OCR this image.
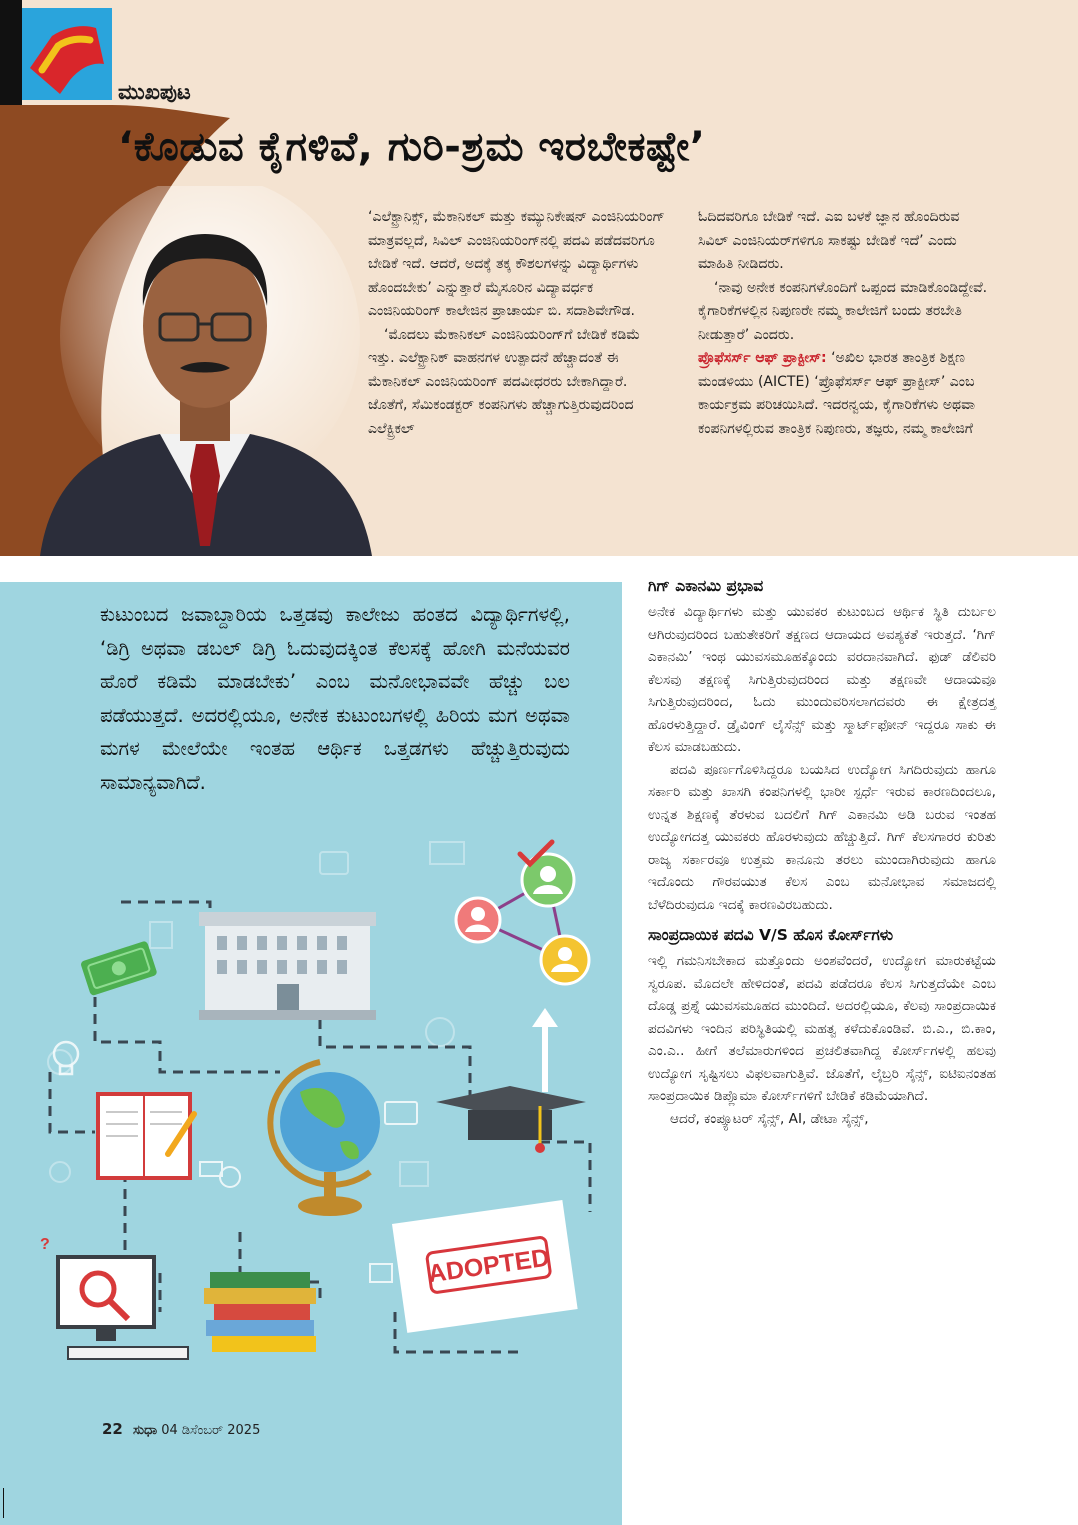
ಮುಖಪುಟ
‘ಕೊಡುವ ಕೈಗಳಿವೆ, ಗುರಿ-ಶ್ರಮ ಇರಬೇಕಷ್ಟೇ’

‘ಎಲೆಕ್ಟ್ರಾನಿಕ್ಸ್, ಮೆಕಾನಿಕಲ್ ಮತ್ತು ಕಮ್ಯುನಿಕೇಷನ್ ಎಂಜಿನಿಯರಿಂಗ್ ಮಾತ್ರವಲ್ಲದೆ, ಸಿವಿಲ್ ಎಂಜಿನಿಯರಿಂಗ್‌ನಲ್ಲಿ ಪದವಿ ಪಡೆದವರಿಗೂ ಬೇಡಿಕೆ ಇದೆ. ಆದರೆ, ಅದಕ್ಕೆ ತಕ್ಕ ಕೌಶಲಗಳನ್ನು ವಿದ್ಯಾರ್ಥಿಗಳು ಹೊಂದಬೇಕು’ ಎನ್ನುತ್ತಾರೆ ಮೈಸೂರಿನ ವಿದ್ಯಾವರ್ಧಕ ಎಂಜಿನಿಯರಿಂಗ್ ಕಾಲೇಜಿನ ಪ್ರಾಚಾರ್ಯ ಬಿ. ಸದಾಶಿವೇಗೌಡ.

‘ಮೊದಲು ಮೆಕಾನಿಕಲ್ ಎಂಜಿನಿಯರಿಂಗ್‌ಗೆ ಬೇಡಿಕೆ ಕಡಿಮೆ ಇತ್ತು. ಎಲೆಕ್ಟ್ರಾನಿಕ್ ವಾಹನಗಳ ಉತ್ಪಾದನೆ ಹೆಚ್ಚಾದಂತೆ ಈ ಮೆಕಾನಿಕಲ್ ಎಂಜಿನಿಯರಿಂಗ್ ಪದವೀಧರರು ಬೇಕಾಗಿದ್ದಾರೆ. ಜೊತೆಗೆ, ಸೆಮಿಕಂಡಕ್ಟರ್ ಕಂಪನಿಗಳು ಹೆಚ್ಚಾಗುತ್ತಿರುವುದರಿಂದ ಎಲೆಕ್ಟ್ರಿಕಲ್

ಓದಿದವರಿಗೂ ಬೇಡಿಕೆ ಇದೆ. ಎಐ ಬಳಕೆ ಜ್ಞಾನ ಹೊಂದಿರುವ ಸಿವಿಲ್ ಎಂಜಿನಿಯರ್‌ಗಳಿಗೂ ಸಾಕಷ್ಟು ಬೇಡಿಕೆ ಇದೆ’ ಎಂದು ಮಾಹಿತಿ ನೀಡಿದರು.

‘ನಾವು ಅನೇಕ ಕಂಪನಿಗಳೊಂದಿಗೆ ಒಪ್ಪಂದ ಮಾಡಿಕೊಂಡಿದ್ದೇವೆ. ಕೈಗಾರಿಕೆಗಳಲ್ಲಿನ ನಿಪುಣರೇ ನಮ್ಮ ಕಾಲೇಜಿಗೆ ಬಂದು ತರಬೇತಿ ನೀಡುತ್ತಾರೆ’ ಎಂದರು.

ಪ್ರೊಫೆಸರ್ಸ್ ಆಫ್ ಪ್ರಾಕ್ಟೀಸ್: ‘ಅಖಿಲ ಭಾರತ ತಾಂತ್ರಿಕ ಶಿಕ್ಷಣ ಮಂಡಳಿಯು (AICTE) ‘ಪ್ರೊಫೆಸರ್ಸ್ ಆಫ್ ಪ್ರಾಕ್ಟೀಸ್’ ಎಂಬ ಕಾರ್ಯಕ್ರಮ ಪರಿಚಯಿಸಿದೆ. ಇದರನ್ವಯ, ಕೈಗಾರಿಕೆಗಳು ಅಥವಾ ಕಂಪನಿಗಳಲ್ಲಿರುವ ತಾಂತ್ರಿಕ ನಿಪುಣರು, ತಜ್ಞರು, ನಮ್ಮ ಕಾಲೇಜಿಗೆ

ಕುಟುಂಬದ ಜವಾಬ್ದಾರಿಯ ಒತ್ತಡವು ಕಾಲೇಜು ಹಂತದ ವಿದ್ಯಾರ್ಥಿಗಳಲ್ಲಿ, ‘ಡಿಗ್ರಿ ಅಥವಾ ಡಬಲ್ ಡಿಗ್ರಿ ಓದುವುದಕ್ಕಿಂತ ಕೆಲಸಕ್ಕೆ ಹೋಗಿ ಮನೆಯವರ ಹೊರೆ ಕಡಿಮೆ ಮಾಡಬೇಕು’ ಎಂಬ ಮನೋಭಾವವೇ ಹೆಚ್ಚು ಬಲ ಪಡೆಯುತ್ತದೆ. ಅದರಲ್ಲಿಯೂ, ಅನೇಕ ಕುಟುಂಬಗಳಲ್ಲಿ ಹಿರಿಯ ಮಗ ಅಥವಾ ಮಗಳ ಮೇಲೆಯೇ ಇಂತಹ ಆರ್ಥಿಕ ಒತ್ತಡಗಳು ಹೆಚ್ಚುತ್ತಿರುವುದು ಸಾಮಾನ್ಯವಾಗಿದೆ.
ADOPTED
?
22 ಸುಧಾ 04 ಡಿಸೆಂಬರ್ 2025
ಗಿಗ್ ಎಕಾನಮಿ ಪ್ರಭಾವ

ಅನೇಕ ವಿದ್ಯಾರ್ಥಿಗಳು ಮತ್ತು ಯುವಕರ ಕುಟುಂಬದ ಆರ್ಥಿಕ ಸ್ಥಿತಿ ದುರ್ಬಲ ಆಗಿರುವುದರಿಂದ ಬಹುತೇಕರಿಗೆ ತಕ್ಷಣದ ಆದಾಯದ ಅವಶ್ಯಕತೆ ಇರುತ್ತದೆ. ‘ಗಿಗ್ ಎಕಾನಮಿ’ ಇಂಥ ಯುವಸಮೂಹಕ್ಕೊಂದು ವರದಾನವಾಗಿದೆ. ಫುಡ್ ಡೆಲಿವರಿ ಕೆಲಸವು ತಕ್ಷಣಕ್ಕೆ ಸಿಗುತ್ತಿರುವುದರಿಂದ ಮತ್ತು ತಕ್ಷಣವೇ ಆದಾಯವೂ ಸಿಗುತ್ತಿರುವುದರಿಂದ, ಓದು ಮುಂದುವರಿಸಲಾಗದವರು ಈ ಕ್ಷೇತ್ರದತ್ತ ಹೊರಳುತ್ತಿದ್ದಾರೆ. ಡ್ರೈವಿಂಗ್ ಲೈಸೆನ್ಸ್ ಮತ್ತು ಸ್ಮಾರ್ಟ್‌ಫೋನ್ ಇದ್ದರೂ ಸಾಕು ಈ ಕೆಲಸ ಮಾಡಬಹುದು.

ಪದವಿ ಪೂರ್ಣಗೊಳಿಸಿದ್ದರೂ ಬಯಸಿದ ಉದ್ಯೋಗ ಸಿಗದಿರುವುದು ಹಾಗೂ ಸರ್ಕಾರಿ ಮತ್ತು ಖಾಸಗಿ ಕಂಪನಿಗಳಲ್ಲಿ ಭಾರೀ ಸ್ಪರ್ಧೆ ಇರುವ ಕಾರಣದಿಂದಲೂ, ಉನ್ನತ ಶಿಕ್ಷಣಕ್ಕೆ ತೆರಳುವ ಬದಲಿಗೆ ಗಿಗ್ ಎಕಾನಮಿ ಅಡಿ ಬರುವ ಇಂತಹ ಉದ್ಯೋಗದತ್ತ ಯುವಕರು ಹೊರಳುವುದು ಹೆಚ್ಚುತ್ತಿದೆ. ಗಿಗ್ ಕೆಲಸಗಾರರ ಕುರಿತು ರಾಜ್ಯ ಸರ್ಕಾರವೂ ಉತ್ತಮ ಕಾನೂನು ತರಲು ಮುಂದಾಗಿರುವುದು ಹಾಗೂ ಇದೊಂದು ಗೌರವಯುತ ಕೆಲಸ ಎಂಬ ಮನೋಭಾವ ಸಮಾಜದಲ್ಲಿ ಬೆಳೆದಿರುವುದೂ ಇದಕ್ಕೆ ಕಾರಣವಿರಬಹುದು.

ಸಾಂಪ್ರದಾಯಿಕ ಪದವಿ V/S ಹೊಸ ಕೋರ್ಸ್‌ಗಳು

ಇಲ್ಲಿ ಗಮನಿಸಬೇಕಾದ ಮತ್ತೊಂದು ಅಂಶವೆಂದರೆ, ಉದ್ಯೋಗ ಮಾರುಕಟ್ಟೆಯ ಸ್ವರೂಪ. ಮೊದಲೇ ಹೇಳಿದಂತೆ, ಪದವಿ ಪಡೆದರೂ ಕೆಲಸ ಸಿಗುತ್ತದೆಯೇ ಎಂಬ ದೊಡ್ಡ ಪ್ರಶ್ನೆ ಯುವಸಮೂಹದ ಮುಂದಿದೆ. ಅದರಲ್ಲಿಯೂ, ಕೆಲವು ಸಾಂಪ್ರದಾಯಿಕ ಪದವಿಗಳು ಇಂದಿನ ಪರಿಸ್ಥಿತಿಯಲ್ಲಿ ಮಹತ್ವ ಕಳೆದುಕೊಂಡಿವೆ. ಬಿ.ಎ., ಬಿ.ಕಾಂ, ಎಂ.ಎ.. ಹೀಗೆ ತಲೆಮಾರುಗಳಿಂದ ಪ್ರಚಲಿತವಾಗಿದ್ದ ಕೋರ್ಸ್‌ಗಳಲ್ಲಿ ಹಲವು ಉದ್ಯೋಗ ಸೃಷ್ಟಿಸಲು ವಿಫಲವಾಗುತ್ತಿವೆ. ಜೊತೆಗೆ, ಲೈಬ್ರರಿ ಸೈನ್ಸ್, ಐಟಿಐನಂತಹ ಸಾಂಪ್ರದಾಯಿಕ ಡಿಪ್ಲೊಮಾ ಕೋರ್ಸ್‌ಗಳಿಗೆ ಬೇಡಿಕೆ ಕಡಿಮೆಯಾಗಿದೆ.

ಆದರೆ, ಕಂಪ್ಯೂಟರ್ ಸೈನ್ಸ್, AI, ಡೇಟಾ ಸೈನ್ಸ್,
